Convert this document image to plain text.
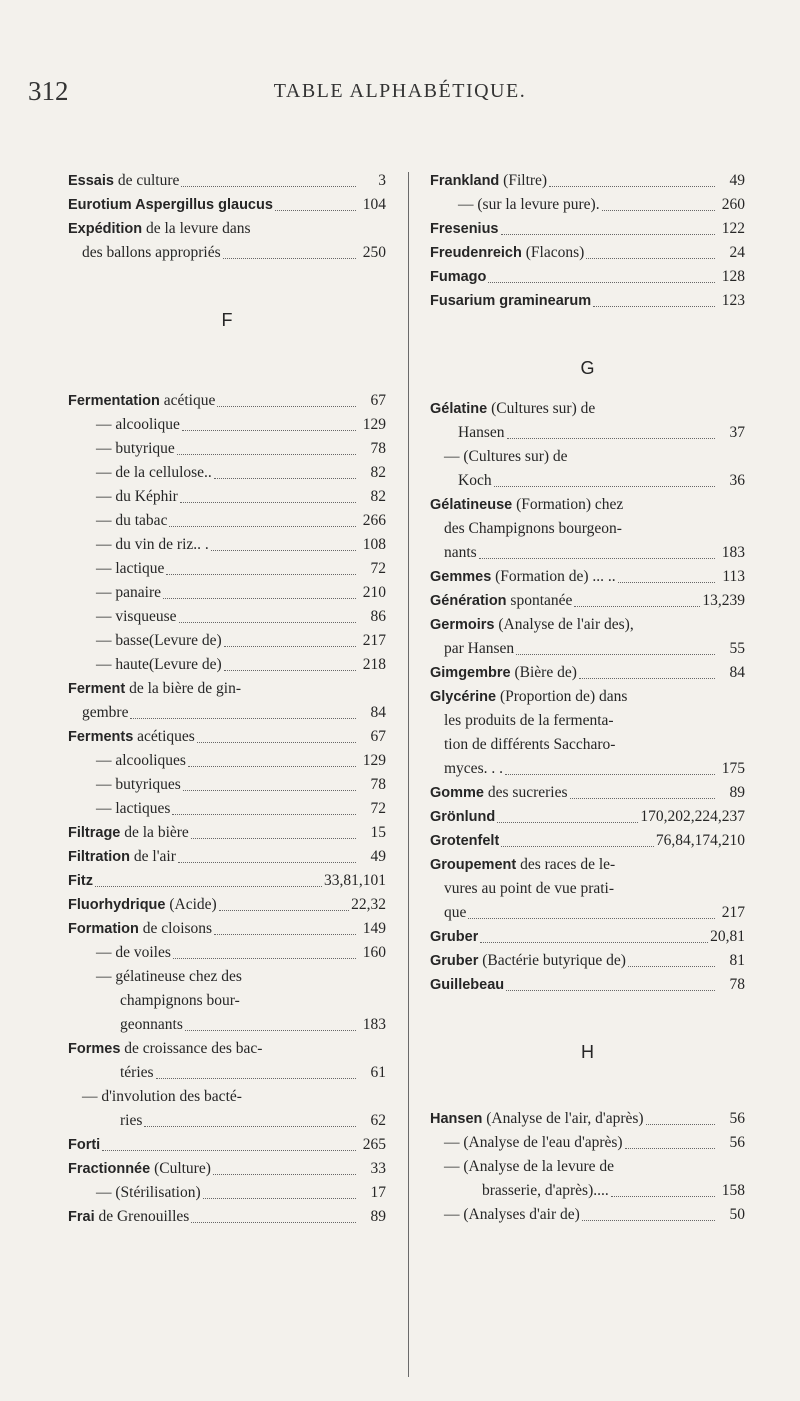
312	TABLE ALPHABÉTIQUE.
Essais de culture	3
Eurotium Aspergillus glaucus	104
Expédition de la levure dans
des ballons appropriés	250
F
Fermentation acétique	67
— alcoolique	129
— butyrique	78
— de la cellulose..	82
— du Képhir	82
— du tabac	266
— du vin de riz.. .	108
— lactique	72
— panaire	210
— visqueuse	86
— basse(Levure de)	217
— haute(Levure de)	218
Ferment de la bière de gin-
gembre	84
Ferments acétiques	67
— alcooliques	129
— butyriques	78
— lactiques	72
Filtrage de la bière	15
Filtration de l'air	49
Fitz	33,81,101
Fluorhydrique (Acide)	22,32
Formation de cloisons	149
— de voiles	160
— gélatineuse chez des
champignons bour-
geonnants	183
Formes de croissance des bac-
téries	61
— d'involution des bacté-
ries	62
Forti	265
Fractionnée (Culture)	33
— (Stérilisation)	17
Frai de Grenouilles	89
Frankland (Filtre)	49
— (sur la levure pure).	260
Fresenius	122
Freudenreich (Flacons)	24
Fumago	128
Fusarium graminearum	123
G
Gélatine (Cultures sur) de
Hansen	37
— (Cultures sur) de
Koch	36
Gélatineuse (Formation) chez
des Champignons bourgeon-
nants	183
Gemmes (Formation de) ... ..	113
Génération spontanée	13,239
Germoirs (Analyse de l'air des),
par Hansen	55
Gimgembre (Bière de)	84
Glycérine (Proportion de) dans
les produits de la fermenta-
tion de différents Saccharo-
myces. . .	175
Gomme des sucreries	89
Grönlund	170,202,224,237
Grotenfelt	76,84,174,210
Groupement des races de le-
vures au point de vue prati-
que	217
Gruber	20,81
Gruber (Bactérie butyrique de)	81
Guillebeau	78
H
Hansen (Analyse de l'air, d'après)	56
— (Analyse de l'eau d'après)	56
— (Analyse de la levure de
brasserie, d'après)....	158
— (Analyses d'air de)	50
